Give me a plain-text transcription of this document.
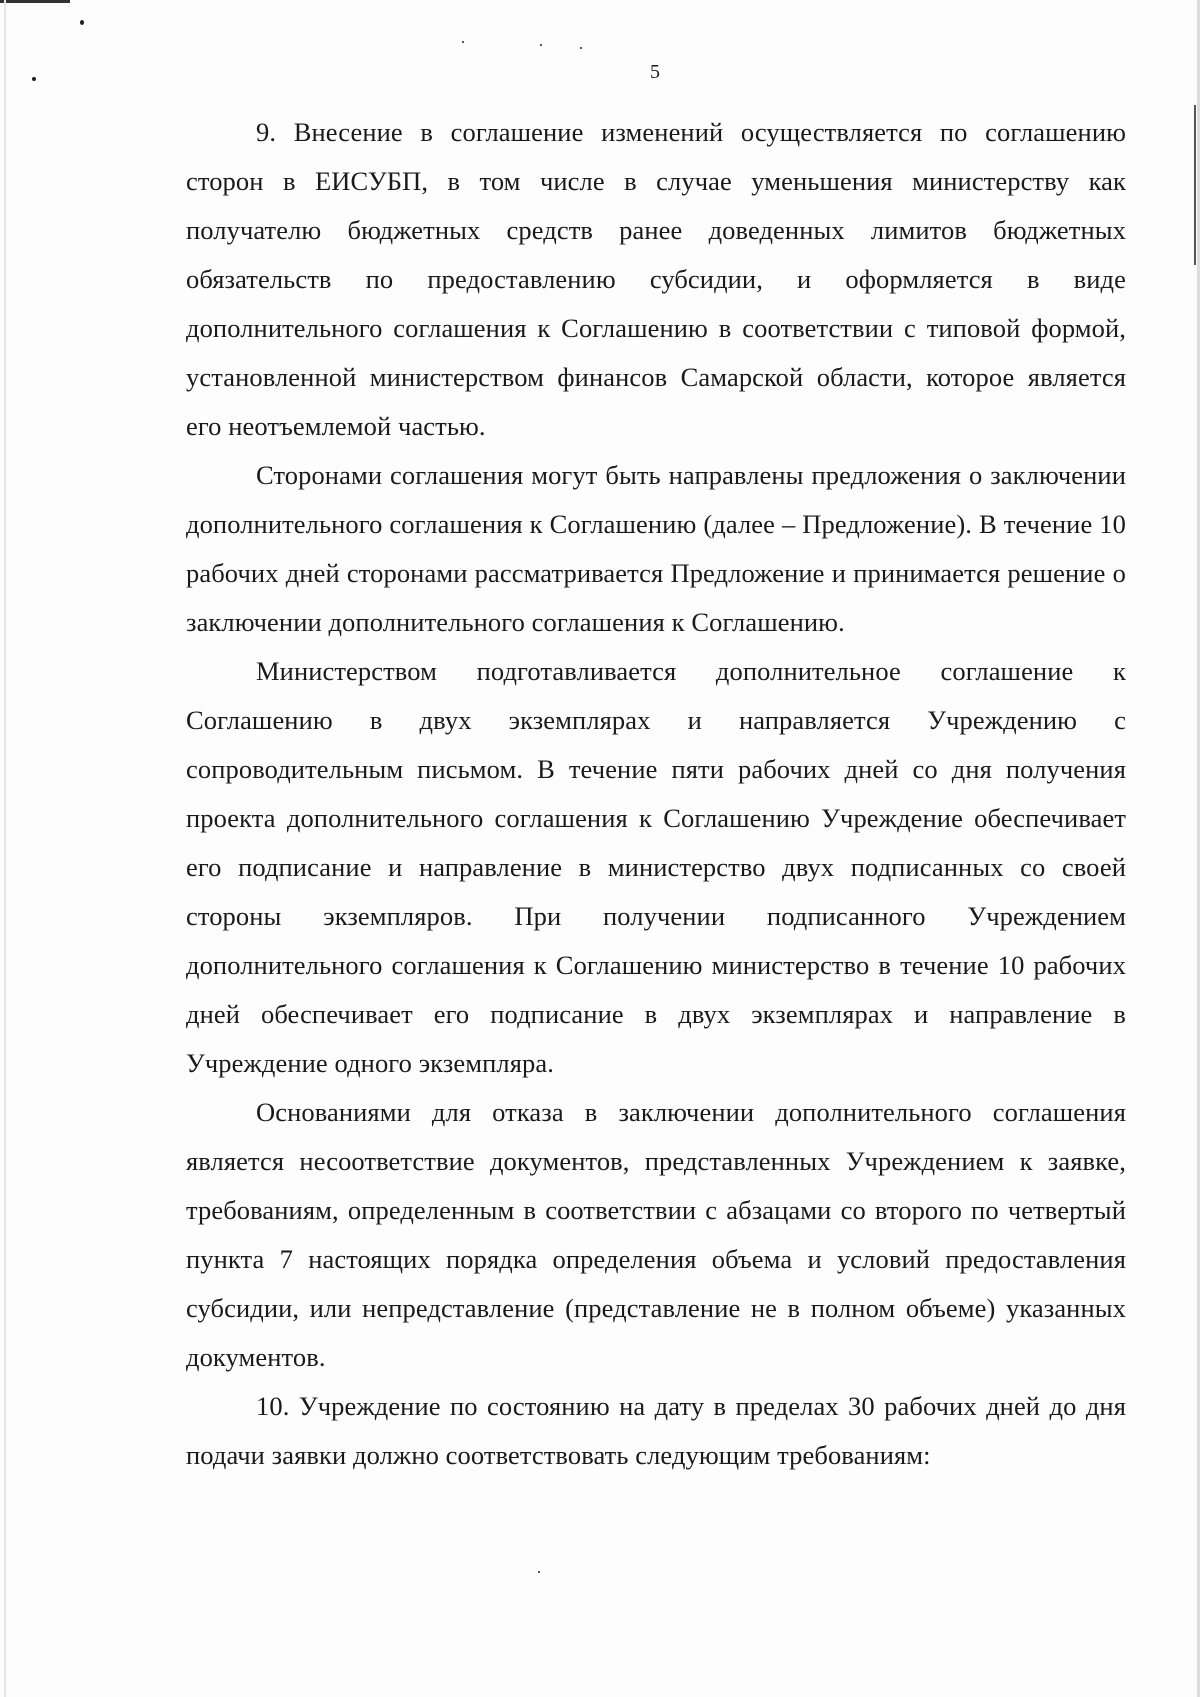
5

9. Внесение в соглашение изменений осуществляется по соглашению сторон в ЕИСУБП, в том числе в случае уменьшения министерству как получателю бюджетных средств ранее доведенных лимитов бюджетных обязательств по предоставлению субсидии, и оформляется в виде дополнительного соглашения к Соглашению в соответствии с типовой формой, установленной министерством финансов Самарской области, которое является его неотъемлемой частью.

Сторонами соглашения могут быть направлены предложения о заключении дополнительного соглашения к Соглашению (далее – Предложение). В течение 10 рабочих дней сторонами рассматривается Предложение и принимается решение о заключении дополнительного соглашения к Соглашению.

Министерством подготавливается дополнительное соглашение к Соглашению в двух экземплярах и направляется Учреждению с сопроводительным письмом. В течение пяти рабочих дней со дня получения проекта дополнительного соглашения к Соглашению Учреждение обеспечивает его подписание и направление в министерство двух подписанных со своей стороны экземпляров. При получении подписанного Учреждением дополнительного соглашения к Соглашению министерство в течение 10 рабочих дней обеспечивает его подписание в двух экземплярах и направление в Учреждение одного экземпляра.

Основаниями для отказа в заключении дополнительного соглашения является несоответствие документов, представленных Учреждением к заявке, требованиям, определенным в соответствии с абзацами со второго по четвертый пункта 7 настоящих порядка определения объема и условий предоставления субсидии, или непредставление (представление не в полном объеме) указанных документов.

10. Учреждение по состоянию на дату в пределах 30 рабочих дней до дня подачи заявки должно соответствовать следующим требованиям:
